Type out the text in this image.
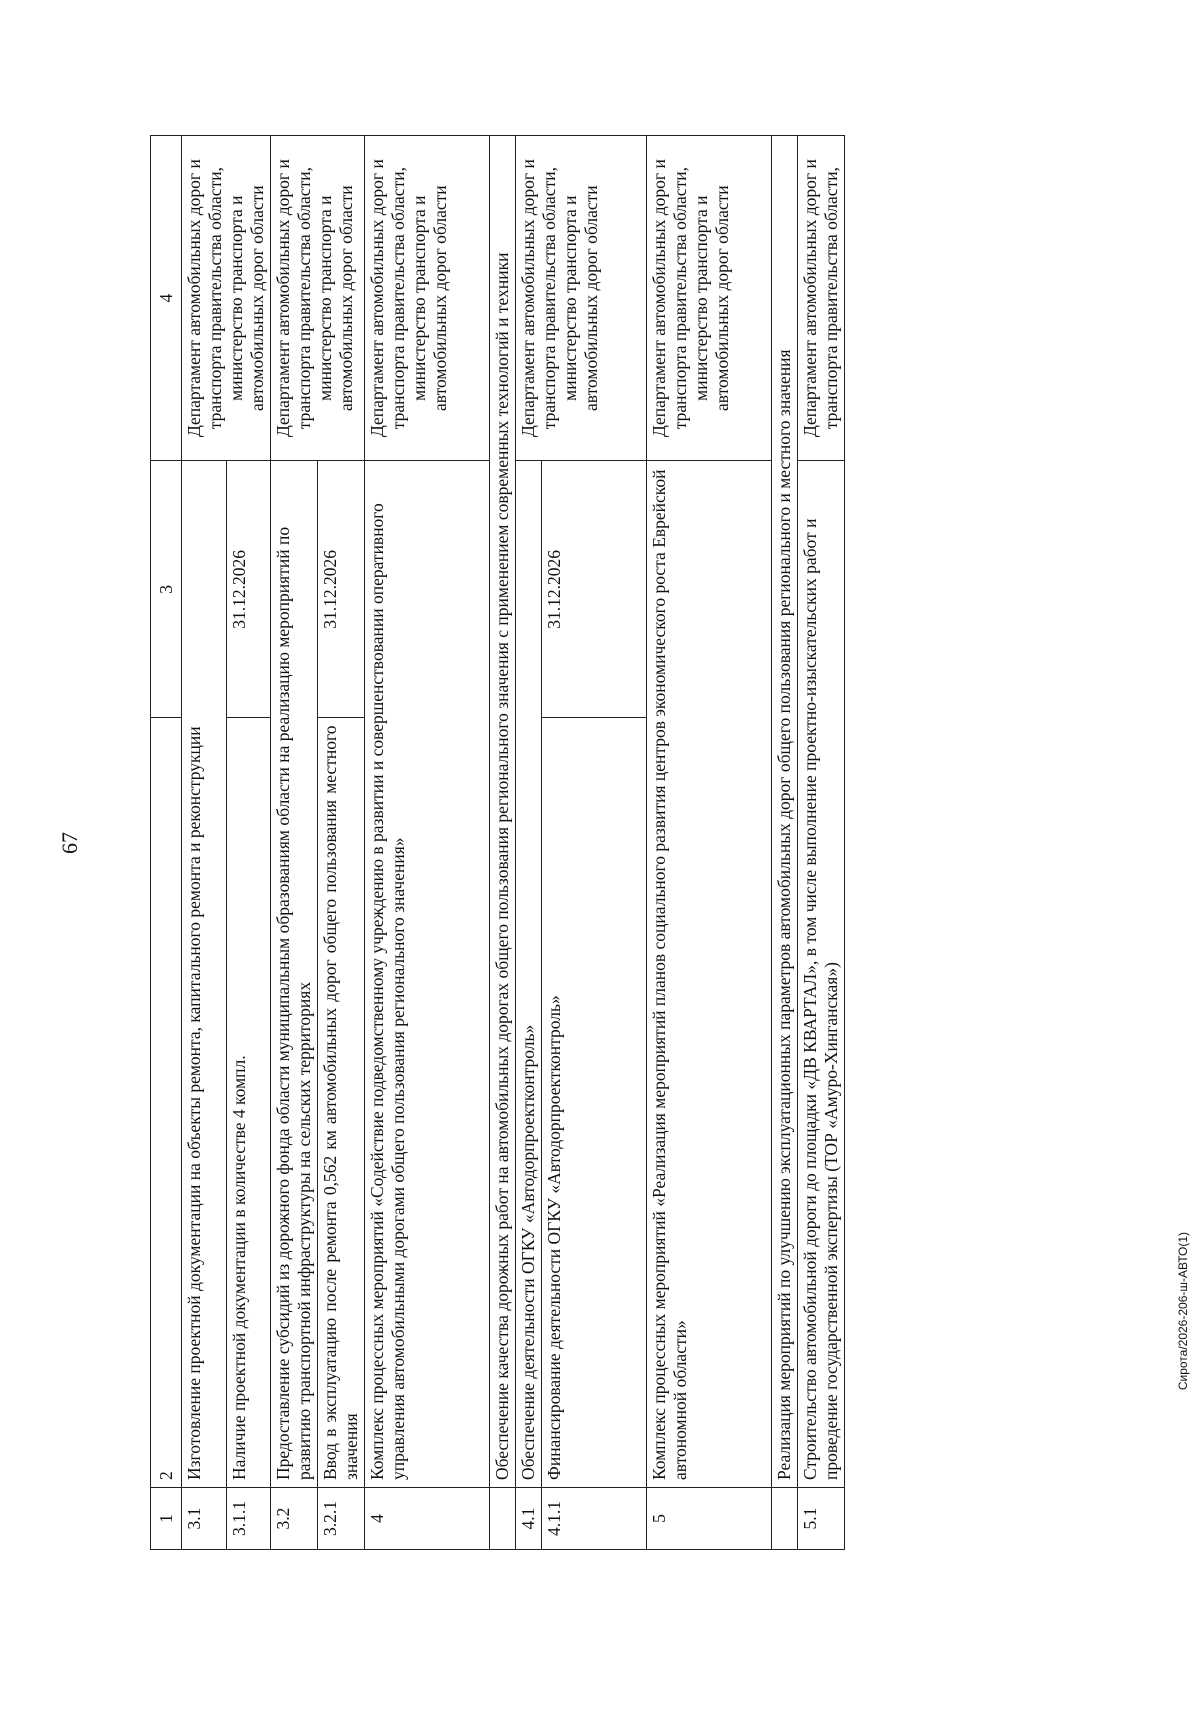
67
1	2	3	4
3.1	Изготовление проектной документации на объекты ремонта, капитального ремонта и реконструкции		Департамент автомобильных дорог и транспорта правительства области, министерство транспорта и автомобильных дорог области
3.1.1	Наличие проектной документации в количестве 4 компл.	31.12.2026	
3.2	Предоставление субсидий из дорожного фонда области муниципальным образованиям области на реализацию мероприятий по развитию транспортной инфраструктуры на сельских территориях		Департамент автомобильных дорог и транспорта правительства области, министерство транспорта и автомобильных дорог области
3.2.1	Ввод в эксплуатацию после ремонта 0,562 км автомобильных дорог общего пользования местного значения	31.12.2026	
4	Комплекс процессных мероприятий «Содействие подведомственному учреждению в развитии и совершенствовании оперативного управления автомобильными дорогами общего пользования регионального значения»		Департамент автомобильных дорог и транспорта правительства области, министерство транспорта и автомобильных дорог области
	Обеспечение качества дорожных работ на автомобильных дорогах общего пользования регионального значения с применением современных технологий и техники		
4.1	Обеспечение деятельности ОГКУ «Автодорпроектконтроль»		Департамент автомобильных дорог и транспорта правительства области, министерство транспорта и автомобильных дорог области
4.1.1	Финансирование деятельности ОГКУ «Автодорпроектконтроль»	31.12.2026	
5	Комплекс процессных мероприятий «Реализация мероприятий планов социального развития центров экономического роста Еврейской автономной области»		Департамент автомобильных дорог и транспорта правительства области, министерство транспорта и автомобильных дорог области
	Реализация мероприятий по улучшению эксплуатационных параметров автомобильных дорог общего пользования регионального и местного значения		
5.1	Строительство автомобильной дороги до площадки «ДВ КВАРТАЛ», в том числе выполнение проектно-изыскательских работ и проведение государственной экспертизы (ТОР «Амуро-Хинганская»)		Департамент автомобильных дорог и транспорта правительства области,
Сирота/2026-206-ш-АВТО(1)
